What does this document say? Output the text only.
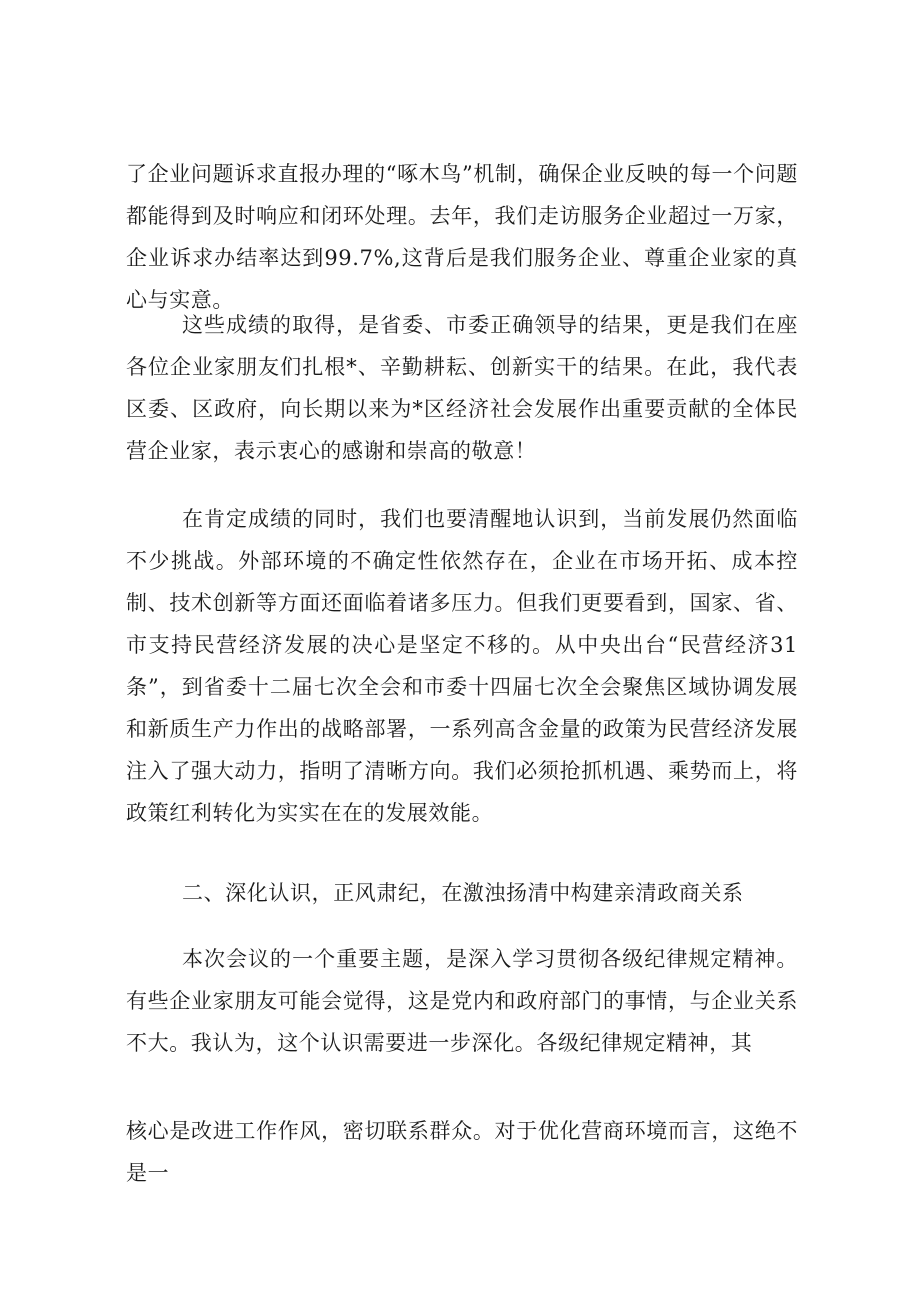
了企业问题诉求直报办理的“啄木鸟”机制，确保企业反映的每一个问题都能得到及时响应和闭环处理。去年，我们走访服务企业超过一万家，企业诉求办结率达到99.7%,这背后是我们服务企业、尊重企业家的真心与实意。

这些成绩的取得，是省委、市委正确领导的结果，更是我们在座各位企业家朋友们扎根*、辛勤耕耘、创新实干的结果。在此，我代表区委、区政府，向长期以来为*区经济社会发展作出重要贡献的全体民营企业家，表示衷心的感谢和崇高的敬意！

在肯定成绩的同时，我们也要清醒地认识到，当前发展仍然面临不少挑战。外部环境的不确定性依然存在，企业在市场开拓、成本控制、技术创新等方面还面临着诸多压力。但我们更要看到，国家、省、市支持民营经济发展的决心是坚定不移的。从中央出台“民营经济31条”，到省委十二届七次全会和市委十四届七次全会聚焦区域协调发展和新质生产力作出的战略部署，一系列高含金量的政策为民营经济发展注入了强大动力，指明了清晰方向。我们必须抢抓机遇、乘势而上，将政策红利转化为实实在在的发展效能。

二、深化认识，正风肃纪，在激浊扬清中构建亲清政商关系

本次会议的一个重要主题，是深入学习贯彻各级纪律规定精神。有些企业家朋友可能会觉得，这是党内和政府部门的事情，与企业关系不大。我认为，这个认识需要进一步深化。各级纪律规定精神，其

核心是改进工作作风，密切联系群众。对于优化营商环境而言，这绝不是一
